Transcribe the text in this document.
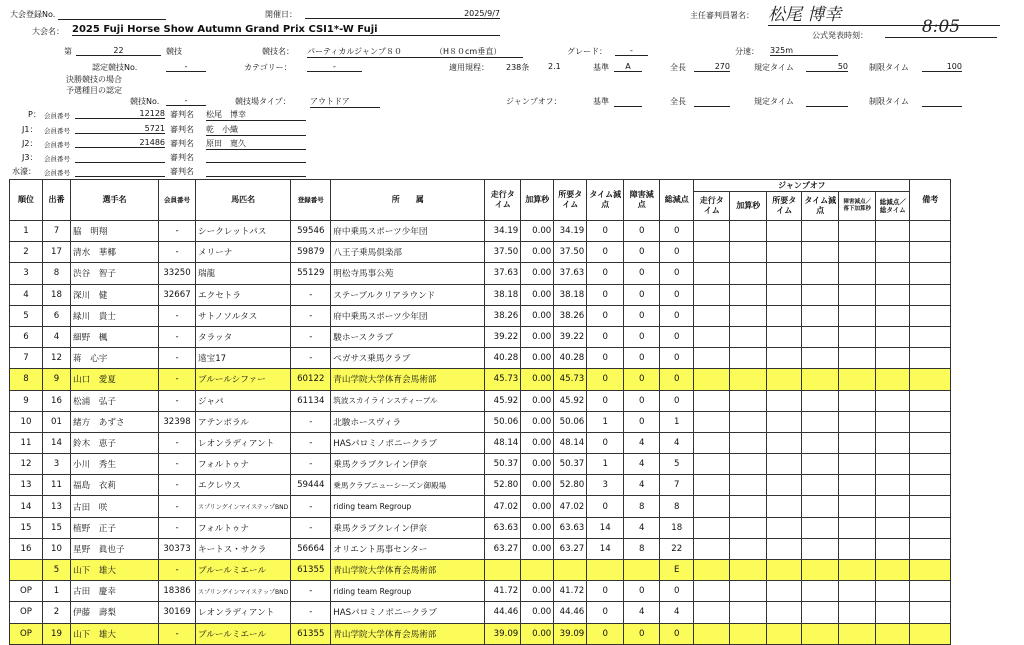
大会登録No.	開催日：	2025/9/7	主任審判員署名： 松尾 博幸
大会名： 2025 Fuji Horse Show Autumn Grand Prix CSI1*-W Fuji
公式発表時刻：	8:05
第	22	競技	競技名： パーティカルジャンプ８０	（H８０cm垂直）	グレード：	-	分速： 325m
認定競技No.	-	カテゴリー：	-	適用規程： 238条 2.1	基準	A	全長	270	規定タイム	50	制限タイム	100
決勝競技の場合
予選種目の認定
競技No.	-	競技場タイプ： アウトドア	ジャンプオフ：	基準	全長	規定タイム	制限タイム
P： 会員番号	12128 審判名 松尾　博幸
J1： 会員番号	5721 審判名 乾　小織
J2： 会員番号	21486 審判名 原田　寛久
J3： 会員番号	審判名
水濠： 会員番号	審判名
順位	出番	選手名	会員番号	馬匹名	登録番号	所　　属	走行タイム	加算秒	所要タイム	タイム減点	障害減点	総減点	ジャンプオフ						備考
													走行タイム	加算秒	所要タイム	タイム減点	障害減点／落下加算秒	総減点／総タイム	
1	7	脇　明翔	-	シークレットパス	59546	府中乗馬スポーツ少年団	34.19	0.00	34.19	0	0	0							
2	17	清水　華椰	-	メリーナ	59879	八王子乗馬倶楽部	37.50	0.00	37.50	0	0	0							
3	8	渋谷　智子	33250	瑞龍	55129	明松寺馬事公苑	37.63	0.00	37.63	0	0	0							
4	18	深川　健	32667	エクセトラ	-	ステーブルクリアラウンド	38.18	0.00	38.18	0	0	0							
5	6	緑川　貴士	-	サトノソルタス	-	府中乗馬スポーツ少年団	38.26	0.00	38.26	0	0	0							
6	4	細野　楓	-	タラッタ	-	駿ホースクラブ	39.22	0.00	39.22	0	0	0							
7	12	蒋　心宇	-	遠宝17	-	ペガサス乗馬クラブ	40.28	0.00	40.28	0	0	0							
8	9	山口　愛夏	-	ブルールシファー	60122	青山学院大学体育会馬術部	45.73	0.00	45.73	0	0	0							
9	16	松浦　弘子	-	ジャパ	61134	筑波スカイラインスティーブル	45.92	0.00	45.92	0	0	0							
10	01	緒方　あずさ	32398	アテンポラル	-	北駿ホースヴィラ	50.06	0.00	50.06	1	0	1							
11	14	鈴木　恵子	-	レオンラディアント	-	HASパロミノポニークラブ	48.14	0.00	48.14	0	4	4							
12	3	小川　秀生	-	フォルトゥナ	-	乗馬クラブクレイン伊奈	50.37	0.00	50.37	1	4	5							
13	11	福島　衣莉	-	エクレウス	59444	乗馬クラブニューシーズン御殿場	52.80	0.00	52.80	3	4	7							
14	13	古田　咲	-	スプリングインマイステップBND	-	riding team Regroup	47.02	0.00	47.02	0	8	8							
15	15	植野　正子	-	フォルトゥナ	-	乗馬クラブクレイン伊奈	63.63	0.00	63.63	14	4	18							
16	10	星野　眞也子	30373	キートス・サクラ	56664	オリエント馬事センター	63.27	0.00	63.27	14	8	22							
	5	山下　雄大	-	ブルールミエール	61355	青山学院大学体育会馬術部						E							
OP	1	古田　慶幸	18386	スプリングインマイステップBND	-	riding team Regroup	41.72	0.00	41.72	0	0	0							
OP	2	伊藤　壽梨	30169	レオンラディアント	-	HASパロミノポニークラブ	44.46	0.00	44.46	0	4	4							
OP	19	山下　雄大	-	ブルールミエール	61355	青山学院大学体育会馬術部	39.09	0.00	39.09	0	0	0							
